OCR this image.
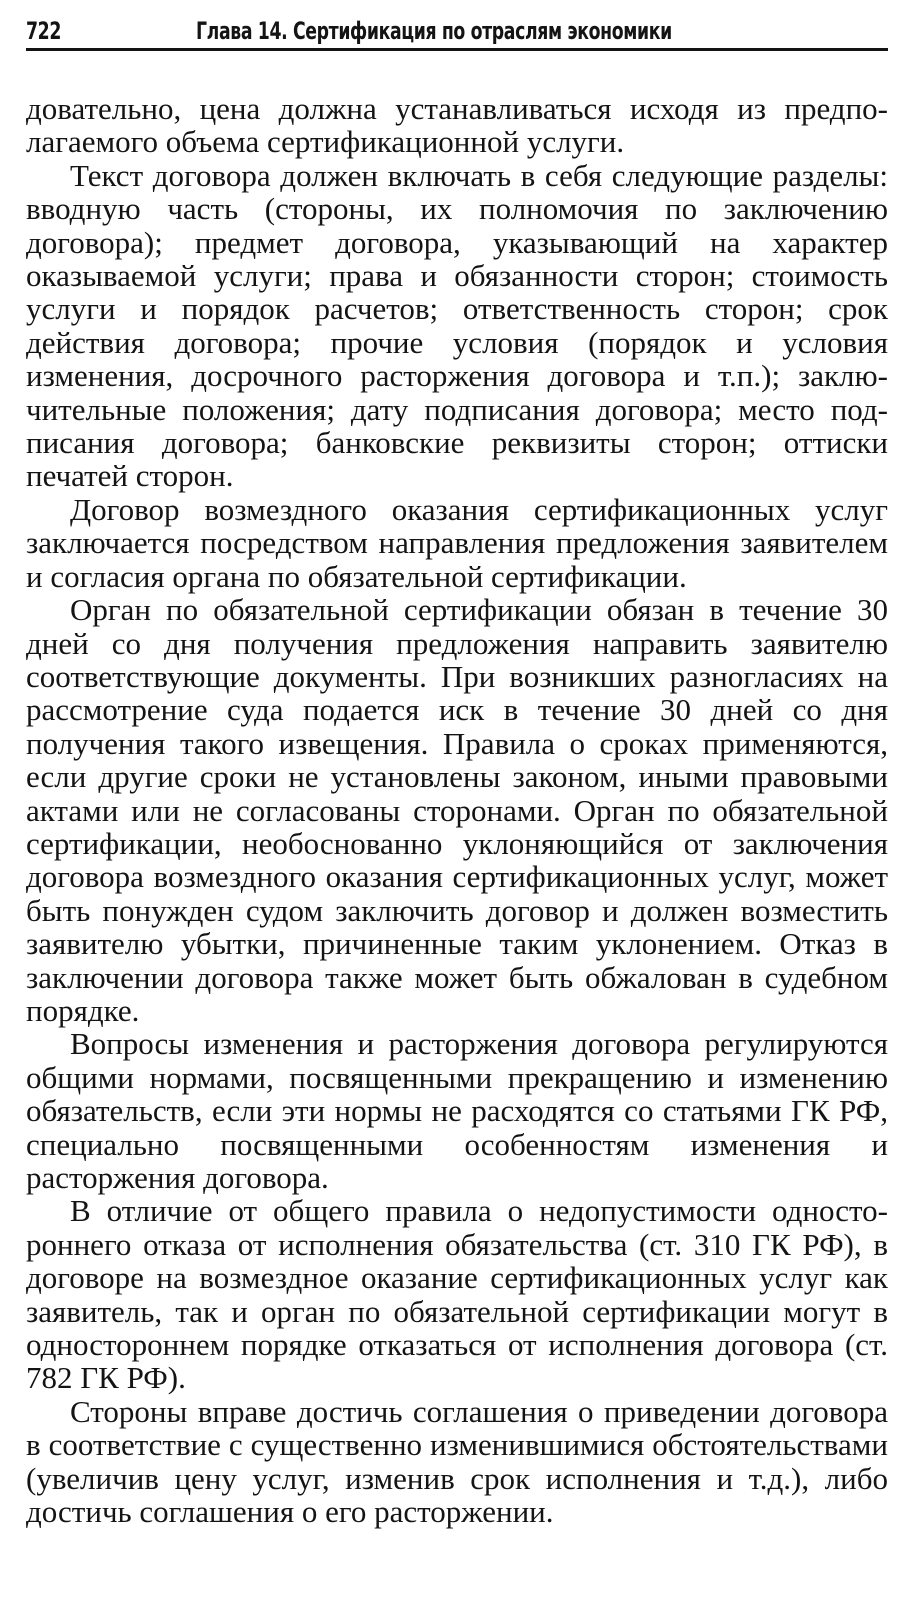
722	Глава 14. Сертификация по отраслям экономики

довательно, цена должна устанавливаться исходя из предполагаемого объема сертификационной услуги.

Текст договора должен включать в себя следующие разделы: вводную часть (стороны, их полномочия по заключению договора); предмет договора, указывающий на характер оказываемой услуги; права и обязанности сторон; стоимость услуги и порядок расчетов; ответственность сторон; срок действия договора; прочие условия (порядок и условия изменения, досрочного расторжения договора и т.п.); заключительные положения; дату подписания договора; место подписания договора; банковские реквизиты сторон; оттиски печатей сторон.

Договор возмездного оказания сертификационных услуг заключается посредством направления предложения заявителем и согласия органа по обязательной сертификации.

Орган по обязательной сертификации обязан в течение 30 дней со дня получения предложения направить заявителю соответствующие документы. При возникших разногласиях на рассмотрение суда подается иск в течение 30 дней со дня получения такого извещения. Правила о сроках применяются, если другие сроки не установлены законом, иными правовыми актами или не согласованы сторонами. Орган по обязательной сертификации, необоснованно уклоняющийся от заключения договора возмездного оказания сертификационных услуг, может быть понужден судом заключить договор и должен возместить заявителю убытки, причиненные таким уклонением. Отказ в заключении договора также может быть обжалован в судебном порядке.

Вопросы изменения и расторжения договора регулируются общими нормами, посвященными прекращению и изменению обязательств, если эти нормы не расходятся со статьями ГК РФ, специально посвященными особенностям изменения и расторжения договора.

В отличие от общего правила о недопустимости одностороннего отказа от исполнения обязательства (ст. 310 ГК РФ), в договоре на возмездное оказание сертификационных услуг как заявитель, так и орган по обязательной сертификации могут в одностороннем порядке отказаться от исполнения договора (ст. 782 ГК РФ).

Стороны вправе достичь соглашения о приведении договора в соответствие с существенно изменившимися обстоятельствами (увеличив цену услуг, изменив срок исполнения и т.д.), либо достичь соглашения о его расторжении.
